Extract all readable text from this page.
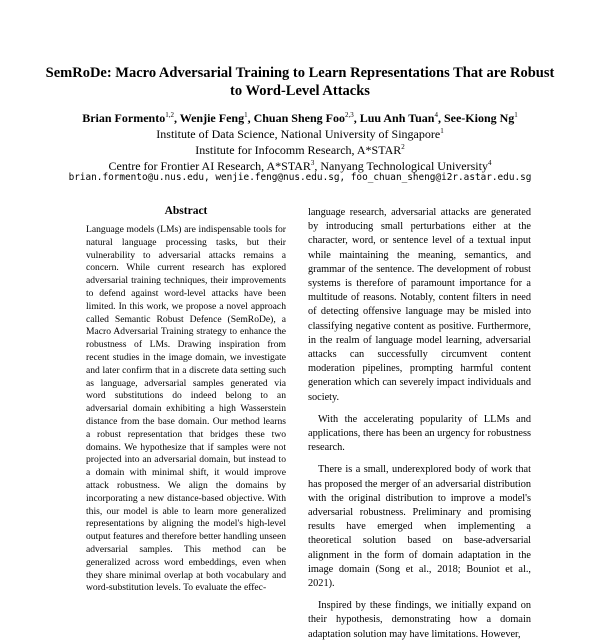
SemRoDe: Macro Adversarial Training to Learn Representations That are Robust to Word-Level Attacks
Brian Formento$^{1,2}$, Wenjie Feng$^1$, Chuan Sheng Foo$^{2,3}$, Luu Anh Tuan$^4$, See-Kiong Ng$^1$
Institute of Data Science, National University of Singapore$^1$
Institute for Infocomm Research, A*STAR$^2$
Centre for Frontier AI Research, A*STAR$^3$, Nanyang Technological University$^4$
brian.formento@u.nus.edu, wenjie.feng@nus.edu.sg, foo_chuan_sheng@i2r.astar.edu.sg
Abstract
Language models (LMs) are indispensable tools for natural language processing tasks, but their vulnerability to adversarial attacks remains a concern. While current research has explored adversarial training techniques, their improvements to defend against word-level attacks have been limited. In this work, we propose a novel approach called Semantic Robust Defence (SemRoDe), a Macro Adversarial Training strategy to enhance the robustness of LMs. Drawing inspiration from recent studies in the image domain, we investigate and later confirm that in a discrete data setting such as language, adversarial samples generated via word substitutions do indeed belong to an adversarial domain exhibiting a high Wasserstein distance from the base domain. Our method learns a robust representation that bridges these two domains. We hypothesize that if samples were not projected into an adversarial domain, but instead to a domain with minimal shift, it would improve attack robustness. We align the domains by incorporating a new distance-based objective. With this, our model is able to learn more generalized representations by aligning the model's high-level output features and therefore better handling unseen adversarial samples. This method can be generalized across word embeddings, even when they share minimal overlap at both vocabulary and word-substitution levels. To evaluate the effec-

language research, adversarial attacks are generated by introducing small perturbations either at the character, word, or sentence level of a textual input while maintaining the meaning, semantics, and grammar of the sentence. The development of robust systems is therefore of paramount importance for a multitude of reasons. Notably, content filters in need of detecting offensive language may be misled into classifying negative content as positive. Furthermore, in the realm of language model learning, adversarial attacks can successfully circumvent content moderation pipelines, prompting harmful content generation which can severely impact individuals and society.

With the accelerating popularity of LLMs and applications, there has been an urgency for robustness research.

There is a small, underexplored body of work that has proposed the merger of an adversarial distribution with the original distribution to improve a model's adversarial robustness. Preliminary and promising results have emerged when implementing a theoretical solution based on base-adversarial alignment in the form of domain adaptation in the image domain (Song et al., 2018; Bouniot et al., 2021).

Inspired by these findings, we initially expand on their hypothesis, demonstrating how a domain adaptation solution may have limitations. However,
